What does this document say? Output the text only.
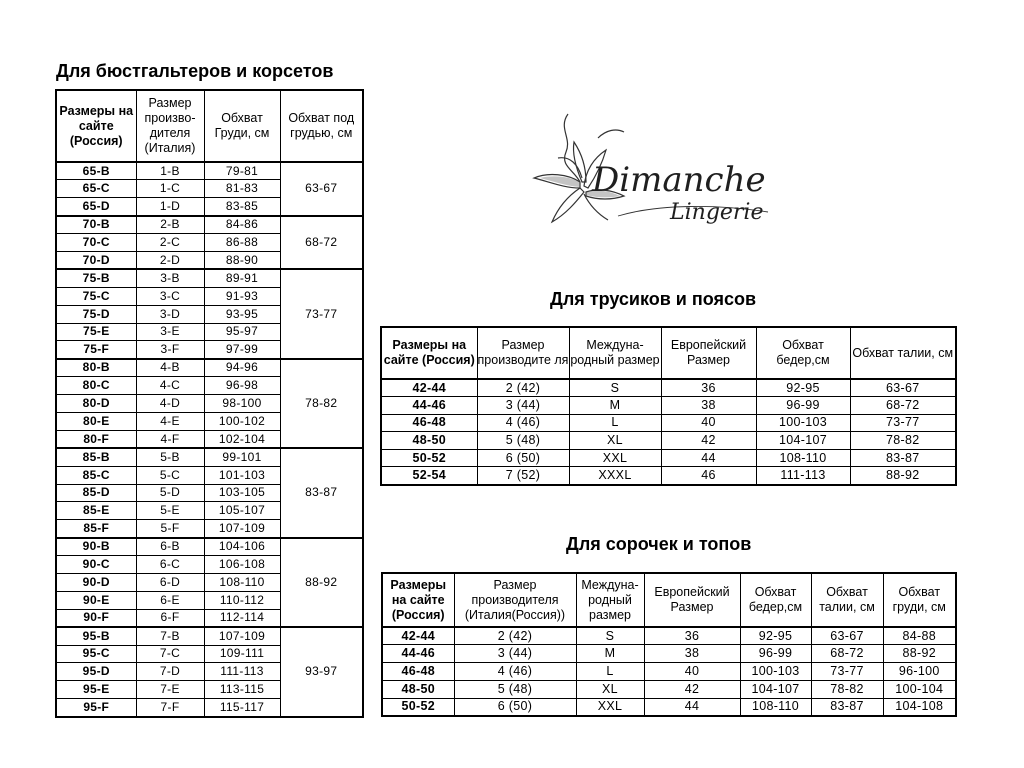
Для бюстгальтеров и корсетов
Размеры на сайте (Россия)	Размер произво-дителя (Италия)	Обхват Груди, см	Обхват под грудью, см
65-B	1-B	79-81	63-67
65-C	1-C	81-83	
65-D	1-D	83-85	
70-B	2-B	84-86	68-72
70-C	2-C	86-88	
70-D	2-D	88-90	
75-B	3-B	89-91	73-77
75-C	3-C	91-93	
75-D	3-D	93-95	
75-E	3-E	95-97	
75-F	3-F	97-99	
80-B	4-B	94-96	78-82
80-C	4-C	96-98	
80-D	4-D	98-100	
80-E	4-E	100-102	
80-F	4-F	102-104	
85-B	5-B	99-101	83-87
85-C	5-C	101-103	
85-D	5-D	103-105	
85-E	5-E	105-107	
85-F	5-F	107-109	
90-B	6-B	104-106	88-92
90-C	6-C	106-108	
90-D	6-D	108-110	
90-E	6-E	110-112	
90-F	6-F	112-114	
95-B	7-B	107-109	93-97
95-C	7-C	109-111	
95-D	7-D	111-113	
95-E	7-E	113-115	
95-F	7-F	115-117	
Dimanche
Lingerie
Для трусиков и поясов
Размеры на сайте (Россия)	Размер производите ля	Междуна-родный размер	Европейский Размер	Обхват бедер,см	Обхват талии, см
42-44	2 (42)	S	36	92-95	63-67
44-46	3 (44)	M	38	96-99	68-72
46-48	4 (46)	L	40	100-103	73-77
48-50	5 (48)	XL	42	104-107	78-82
50-52	6 (50)	XXL	44	108-110	83-87
52-54	7 (52)	XXXL	46	111-113	88-92
Для сорочек и топов
Размеры на сайте (Россия)	Размер производителя (Италия(Россия))	Междуна-родный размер	Европейский Размер	Обхват бедер,см	Обхват талии, см	Обхват груди, см
42-44	2 (42)	S	36	92-95	63-67	84-88
44-46	3 (44)	M	38	96-99	68-72	88-92
46-48	4 (46)	L	40	100-103	73-77	96-100
48-50	5 (48)	XL	42	104-107	78-82	100-104
50-52	6 (50)	XXL	44	108-110	83-87	104-108
